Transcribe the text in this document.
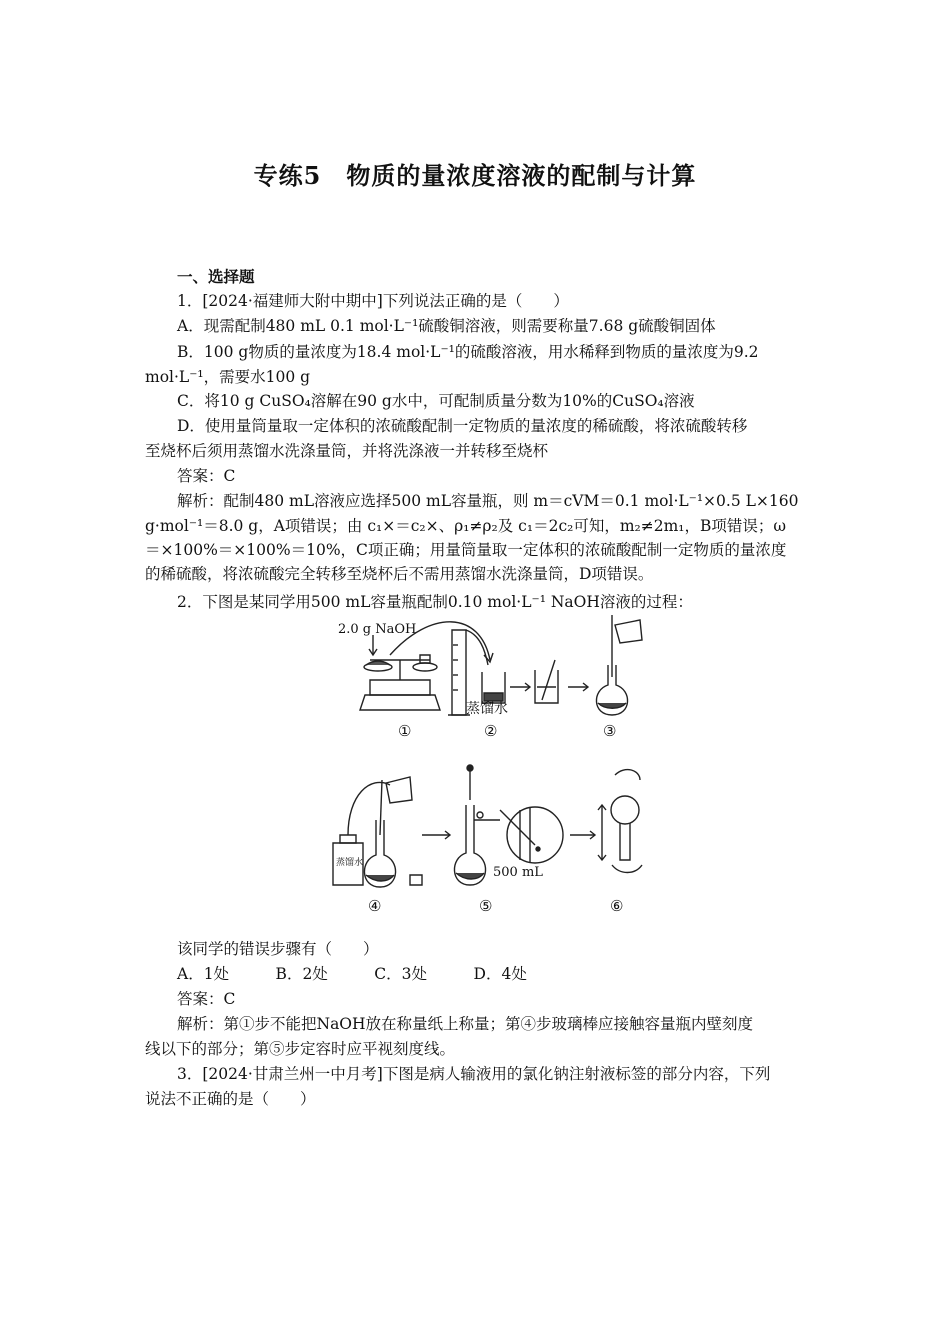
专练5　物质的量浓度溶液的配制与计算
一、选择题
1．[2024·福建师大附中期中]下列说法正确的是（　　）
A．现需配制480 mL 0.1 mol·L⁻¹硫酸铜溶液，则需要称量7.68 g硫酸铜固体
B．100 g物质的量浓度为18.4 mol·L⁻¹的硫酸溶液，用水稀释到物质的量浓度为9.2
mol·L⁻¹，需要水100 g
C．将10 g CuSO₄溶解在90 g水中，可配制质量分数为10%的CuSO₄溶液
D．使用量筒量取一定体积的浓硫酸配制一定物质的量浓度的稀硫酸，将浓硫酸转移
至烧杯后须用蒸馏水洗涤量筒，并将洗涤液一并转移至烧杯
答案：C
解析：配制480 mL溶液应选择500 mL容量瓶，则 m＝cVM＝0.1 mol·L⁻¹×0.5 L×160
g·mol⁻¹＝8.0 g，A项错误；由 c₁×＝c₂×、ρ₁≠ρ₂及 c₁＝2c₂可知，m₂≠2m₁，B项错误；ω
＝×100%＝×100%＝10%，C项正确；用量筒量取一定体积的浓硫酸配制一定物质的量浓度
的稀硫酸，将浓硫酸完全转移至烧杯后不需用蒸馏水洗涤量筒，D项错误。
2．下图是某同学用500 mL容量瓶配制0.10 mol·L⁻¹ NaOH溶液的过程：
2.0 g NaOH
蒸馏水
①	②	③
蒸馏水
500 mL
④	⑤	⑥
该同学的错误步骤有（　　）
A．1处　　　B．2处　　　C．3处　　　D．4处
答案：C
解析：第①步不能把NaOH放在称量纸上称量；第④步玻璃棒应接触容量瓶内壁刻度
线以下的部分；第⑤步定容时应平视刻度线。
3．[2024·甘肃兰州一中月考]下图是病人输液用的氯化钠注射液标签的部分内容，下列
说法不正确的是（　　）
